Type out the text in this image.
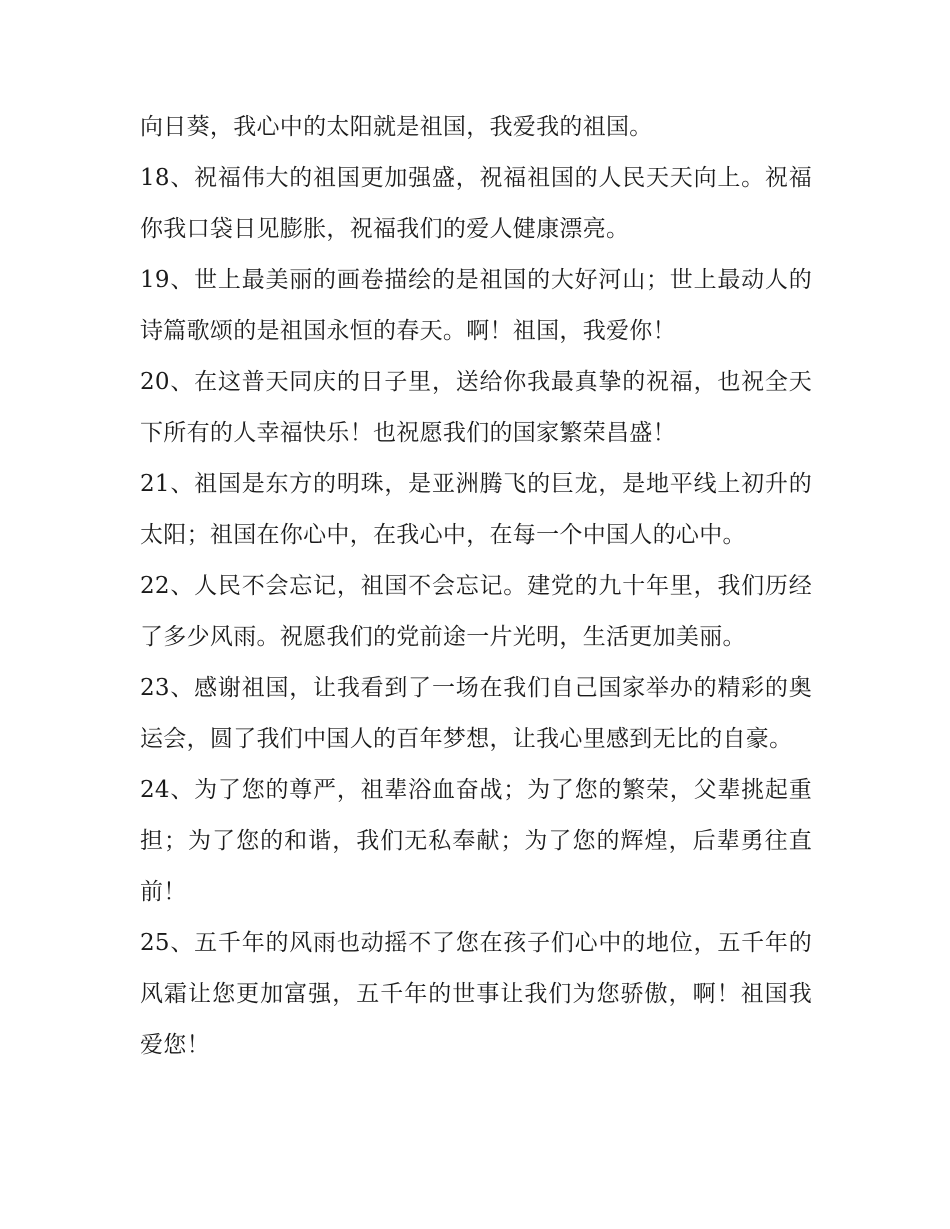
向日葵，我心中的太阳就是祖国，我爱我的祖国。

18、祝福伟大的祖国更加强盛，祝福祖国的人民天天向上。祝福你我口袋日见膨胀，祝福我们的爱人健康漂亮。

19、世上最美丽的画卷描绘的是祖国的大好河山；世上最动人的诗篇歌颂的是祖国永恒的春天。啊！祖国，我爱你！

20、在这普天同庆的日子里，送给你我最真挚的祝福，也祝全天下所有的人幸福快乐！也祝愿我们的国家繁荣昌盛！

21、祖国是东方的明珠，是亚洲腾飞的巨龙，是地平线上初升的太阳；祖国在你心中，在我心中，在每一个中国人的心中。

22、人民不会忘记，祖国不会忘记。建党的九十年里，我们历经了多少风雨。祝愿我们的党前途一片光明，生活更加美丽。

23、感谢祖国，让我看到了一场在我们自己国家举办的精彩的奥运会，圆了我们中国人的百年梦想，让我心里感到无比的自豪。

24、为了您的尊严，祖辈浴血奋战；为了您的繁荣，父辈挑起重担；为了您的和谐，我们无私奉献；为了您的辉煌，后辈勇往直前！

25、五千年的风雨也动摇不了您在孩子们心中的地位，五千年的风霜让您更加富强，五千年的世事让我们为您骄傲，啊！祖国我爱您！
